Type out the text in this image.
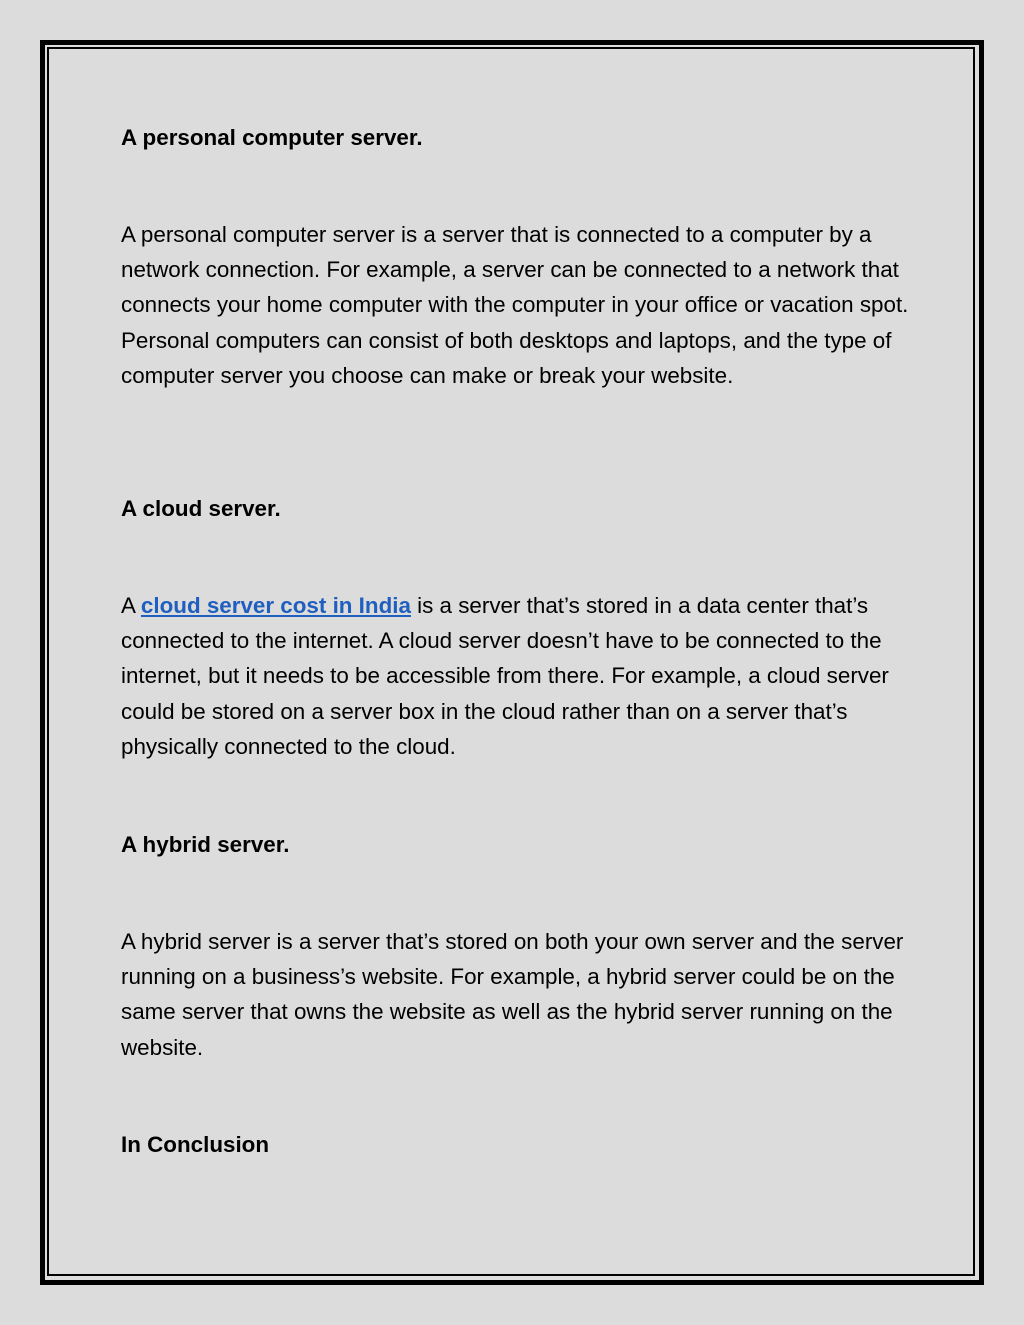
A personal computer server.
A personal computer server is a server that is connected to a computer by a network connection. For example, a server can be connected to a network that connects your home computer with the computer in your office or vacation spot. Personal computers can consist of both desktops and laptops, and the type of computer server you choose can make or break your website.
A cloud server.
A cloud server cost in India is a server that’s stored in a data center that’s connected to the internet. A cloud server doesn’t have to be connected to the internet, but it needs to be accessible from there. For example, a cloud server could be stored on a server box in the cloud rather than on a server that’s physically connected to the cloud.
A hybrid server.
A hybrid server is a server that’s stored on both your own server and the server running on a business’s website. For example, a hybrid server could be on the same server that owns the website as well as the hybrid server running on the website.
In Conclusion
